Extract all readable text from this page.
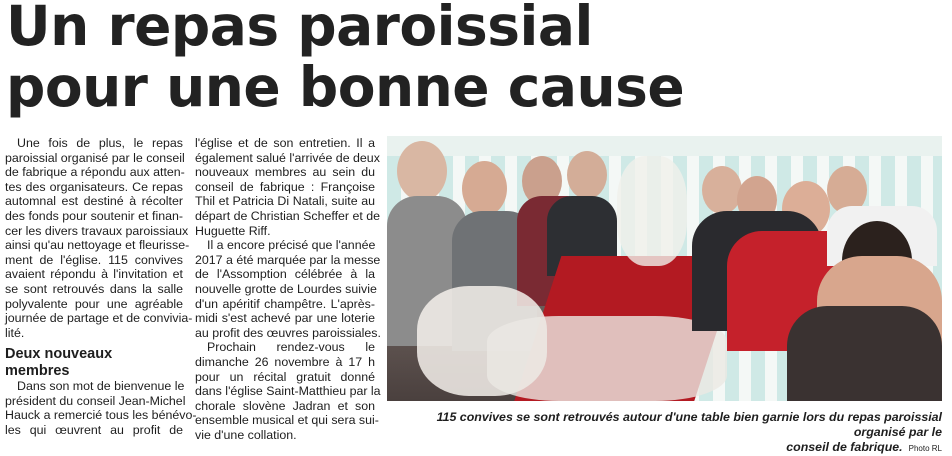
Un repas paroissial
pour une bonne cause
Une fois de plus, le repas
paroissial organisé par le conseil
de fabrique a répondu aux atten-
tes des organisateurs. Ce repas
automnal est destiné à récolter
des fonds pour soutenir et finan-
cer les divers travaux paroissiaux
ainsi qu'au nettoyage et fleurisse-
ment de l'église. 115 convives
avaient répondu à l'invitation et
se sont retrouvés dans la salle
polyvalente pour une agréable
journée de partage et de convivia-
lité.
Deux nouveaux
membres
Dans son mot de bienvenue le
président du conseil Jean-Michel
Hauck a remercié tous les bénévo-
les qui œuvrent au profit de
l'église et de son entretien. Il a
également salué l'arrivée de deux
nouveaux membres au sein du
conseil de fabrique : Françoise
Thil et Patricia Di Natali, suite au
départ de Christian Scheffer et de
Huguette Riff.
Il a encore précisé que l'année
2017 a été marquée par la messe
de l'Assomption célébrée à la
nouvelle grotte de Lourdes suivie
d'un apéritif champêtre. L'après-
midi s'est achevé par une loterie
au profit des œuvres paroissiales.
Prochain rendez-vous le
dimanche 26 novembre à 17 h
pour un récital gratuit donné
dans l'église Saint-Matthieu par la
chorale slovène Jadran et son
ensemble musical et qui sera sui-
vie d'une collation.
115 convives se sont retrouvés autour d'une table bien garnie lors du repas paroissial organisé par le
conseil de fabrique. Photo RL
